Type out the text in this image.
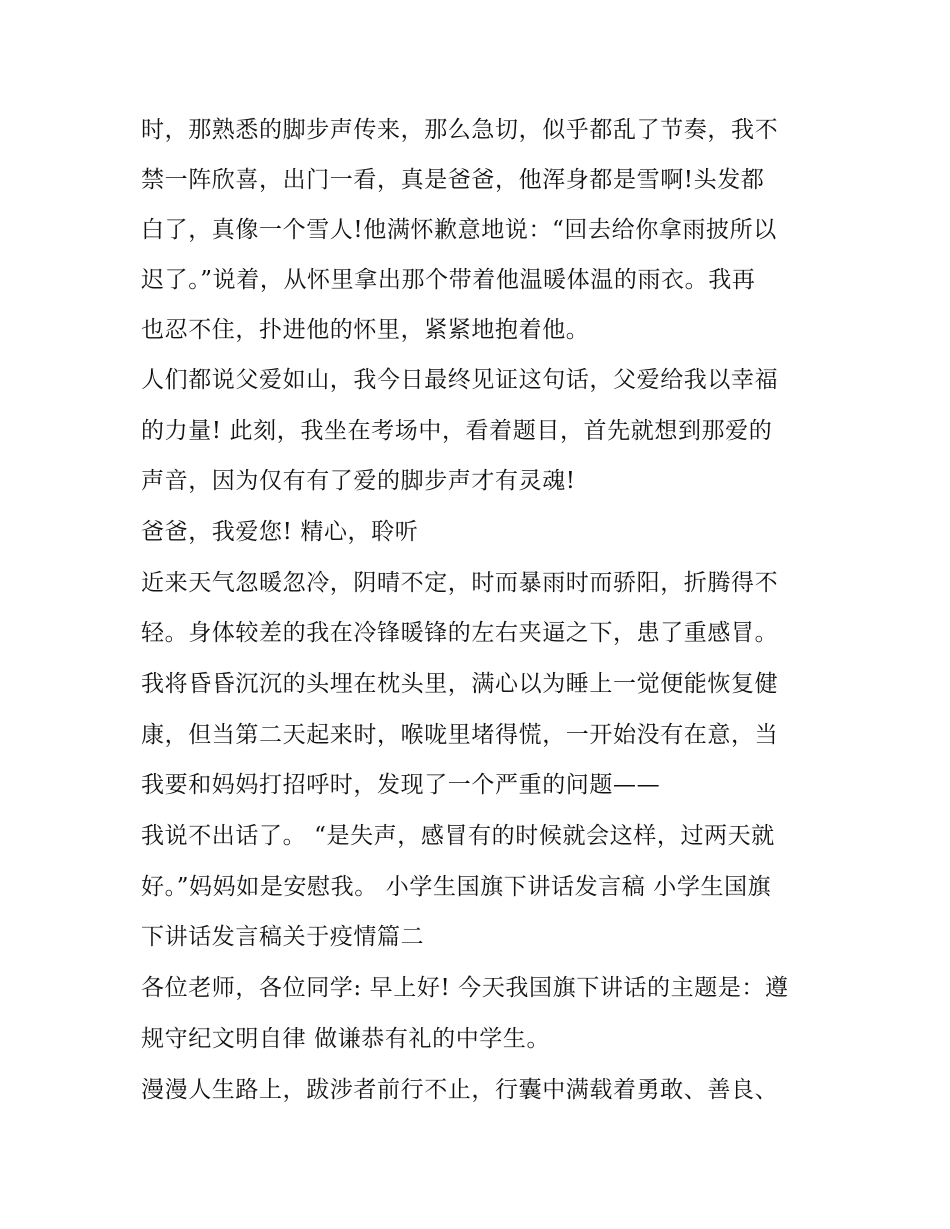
时，那熟悉的脚步声传来，那么急切，似乎都乱了节奏，我不
禁一阵欣喜，出门一看，真是爸爸，他浑身都是雪啊!头发都
白了，真像一个雪人!他满怀歉意地说：“回去给你拿雨披所以
迟了。”说着，从怀里拿出那个带着他温暖体温的雨衣。我再
也忍不住，扑进他的怀里，紧紧地抱着他。
人们都说父爱如山，我今日最终见证这句话，父爱给我以幸福
的力量! 此刻，我坐在考场中，看着题目，首先就想到那爱的
声音，因为仅有有了爱的脚步声才有灵魂!
爸爸，我爱您! 精心，聆听
近来天气忽暖忽冷，阴晴不定，时而暴雨时而骄阳，折腾得不
轻。身体较差的我在冷锋暖锋的左右夹逼之下，患了重感冒。
我将昏昏沉沉的头埋在枕头里，满心以为睡上一觉便能恢复健
康，但当第二天起来时，喉咙里堵得慌，一开始没有在意，当
我要和妈妈打招呼时，发现了一个严重的问题——
我说不出话了。 “是失声，感冒有的时候就会这样，过两天就
好。”妈妈如是安慰我。 小学生国旗下讲话发言稿 小学生国旗
下讲话发言稿关于疫情篇二
各位老师，各位同学: 早上好! 今天我国旗下讲话的主题是：遵
规守纪文明自律 做谦恭有礼的中学生。
漫漫人生路上，跋涉者前行不止，行囊中满载着勇敢、善良、
